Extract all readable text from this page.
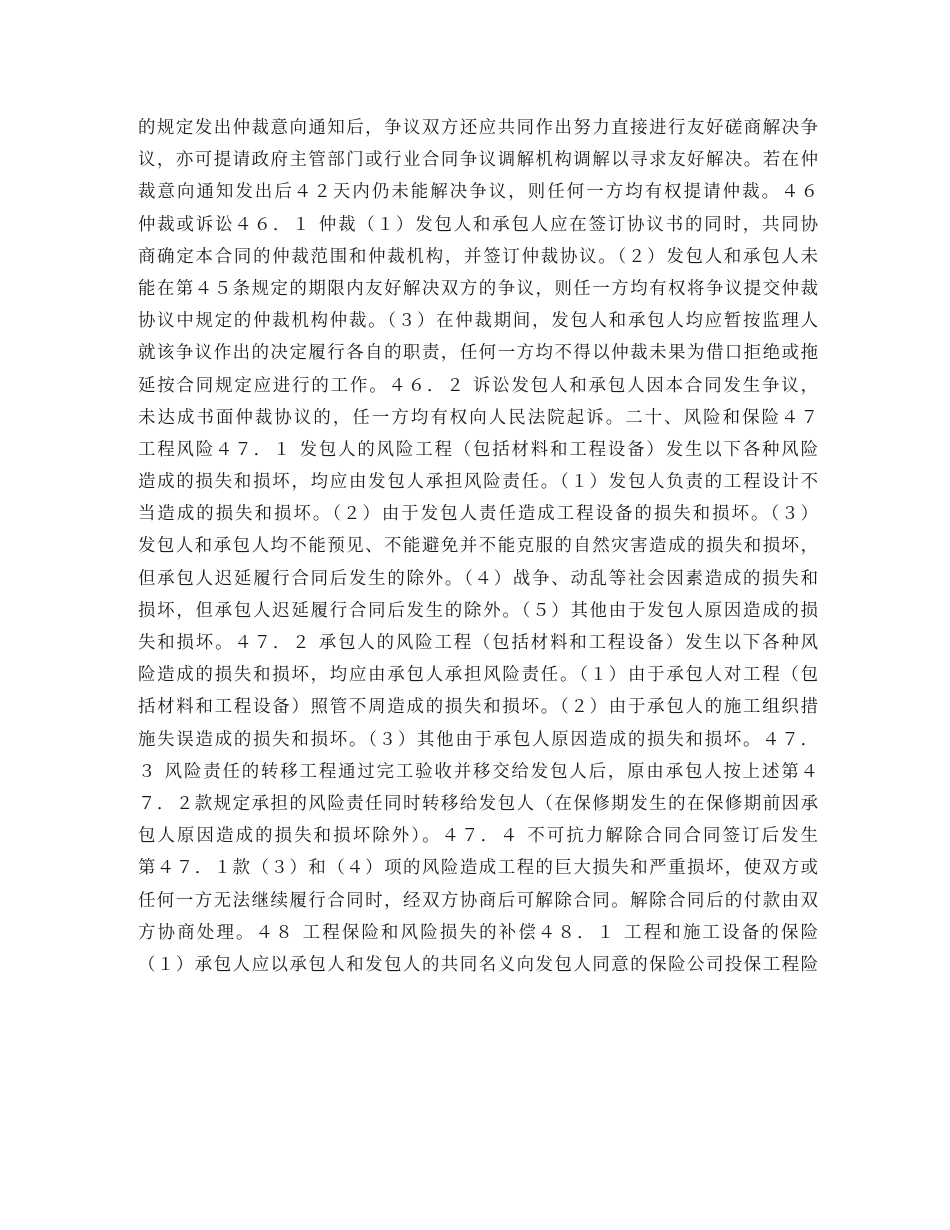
的规定发出仲裁意向通知后，争议双方还应共同作出努力直接进行友好磋商解决争
议，亦可提请政府主管部门或行业合同争议调解机构调解以寻求友好解决。若在仲
裁意向通知发出后４２天内仍未能解决争议，则任何一方均有权提请仲裁。４６
仲裁或诉讼４６．１ 仲裁（１）发包人和承包人应在签订协议书的同时，共同协
商确定本合同的仲裁范围和仲裁机构，并签订仲裁协议。（２）发包人和承包人未
能在第４５条规定的期限内友好解决双方的争议，则任一方均有权将争议提交仲裁
协议中规定的仲裁机构仲裁。（３）在仲裁期间，发包人和承包人均应暂按监理人
就该争议作出的决定履行各自的职责，任何一方均不得以仲裁未果为借口拒绝或拖
延按合同规定应进行的工作。４６．２ 诉讼发包人和承包人因本合同发生争议，
未达成书面仲裁协议的，任一方均有权向人民法院起诉。二十、风险和保险４７
工程风险４７．１ 发包人的风险工程（包括材料和工程设备）发生以下各种风险
造成的损失和损坏，均应由发包人承担风险责任。（１）发包人负责的工程设计不
当造成的损失和损坏。（２）由于发包人责任造成工程设备的损失和损坏。（３）
发包人和承包人均不能预见、不能避免并不能克服的自然灾害造成的损失和损坏，
但承包人迟延履行合同后发生的除外。（４）战争、动乱等社会因素造成的损失和
损坏，但承包人迟延履行合同后发生的除外。（５）其他由于发包人原因造成的损
失和损坏。４７．２ 承包人的风险工程（包括材料和工程设备）发生以下各种风
险造成的损失和损坏，均应由承包人承担风险责任。（１）由于承包人对工程（包
括材料和工程设备）照管不周造成的损失和损坏。（２）由于承包人的施工组织措
施失误造成的损失和损坏。（３）其他由于承包人原因造成的损失和损坏。４７．
３ 风险责任的转移工程通过完工验收并移交给发包人后，原由承包人按上述第４
７．２款规定承担的风险责任同时转移给发包人（在保修期发生的在保修期前因承
包人原因造成的损失和损坏除外）。４７．４ 不可抗力解除合同合同签订后发生
第４７．１款（３）和（４）项的风险造成工程的巨大损失和严重损坏，使双方或
任何一方无法继续履行合同时，经双方协商后可解除合同。解除合同后的付款由双
方协商处理。４８ 工程保险和风险损失的补偿４８．１ 工程和施工设备的保险
（１）承包人应以承包人和发包人的共同名义向发包人同意的保险公司投保工程险
